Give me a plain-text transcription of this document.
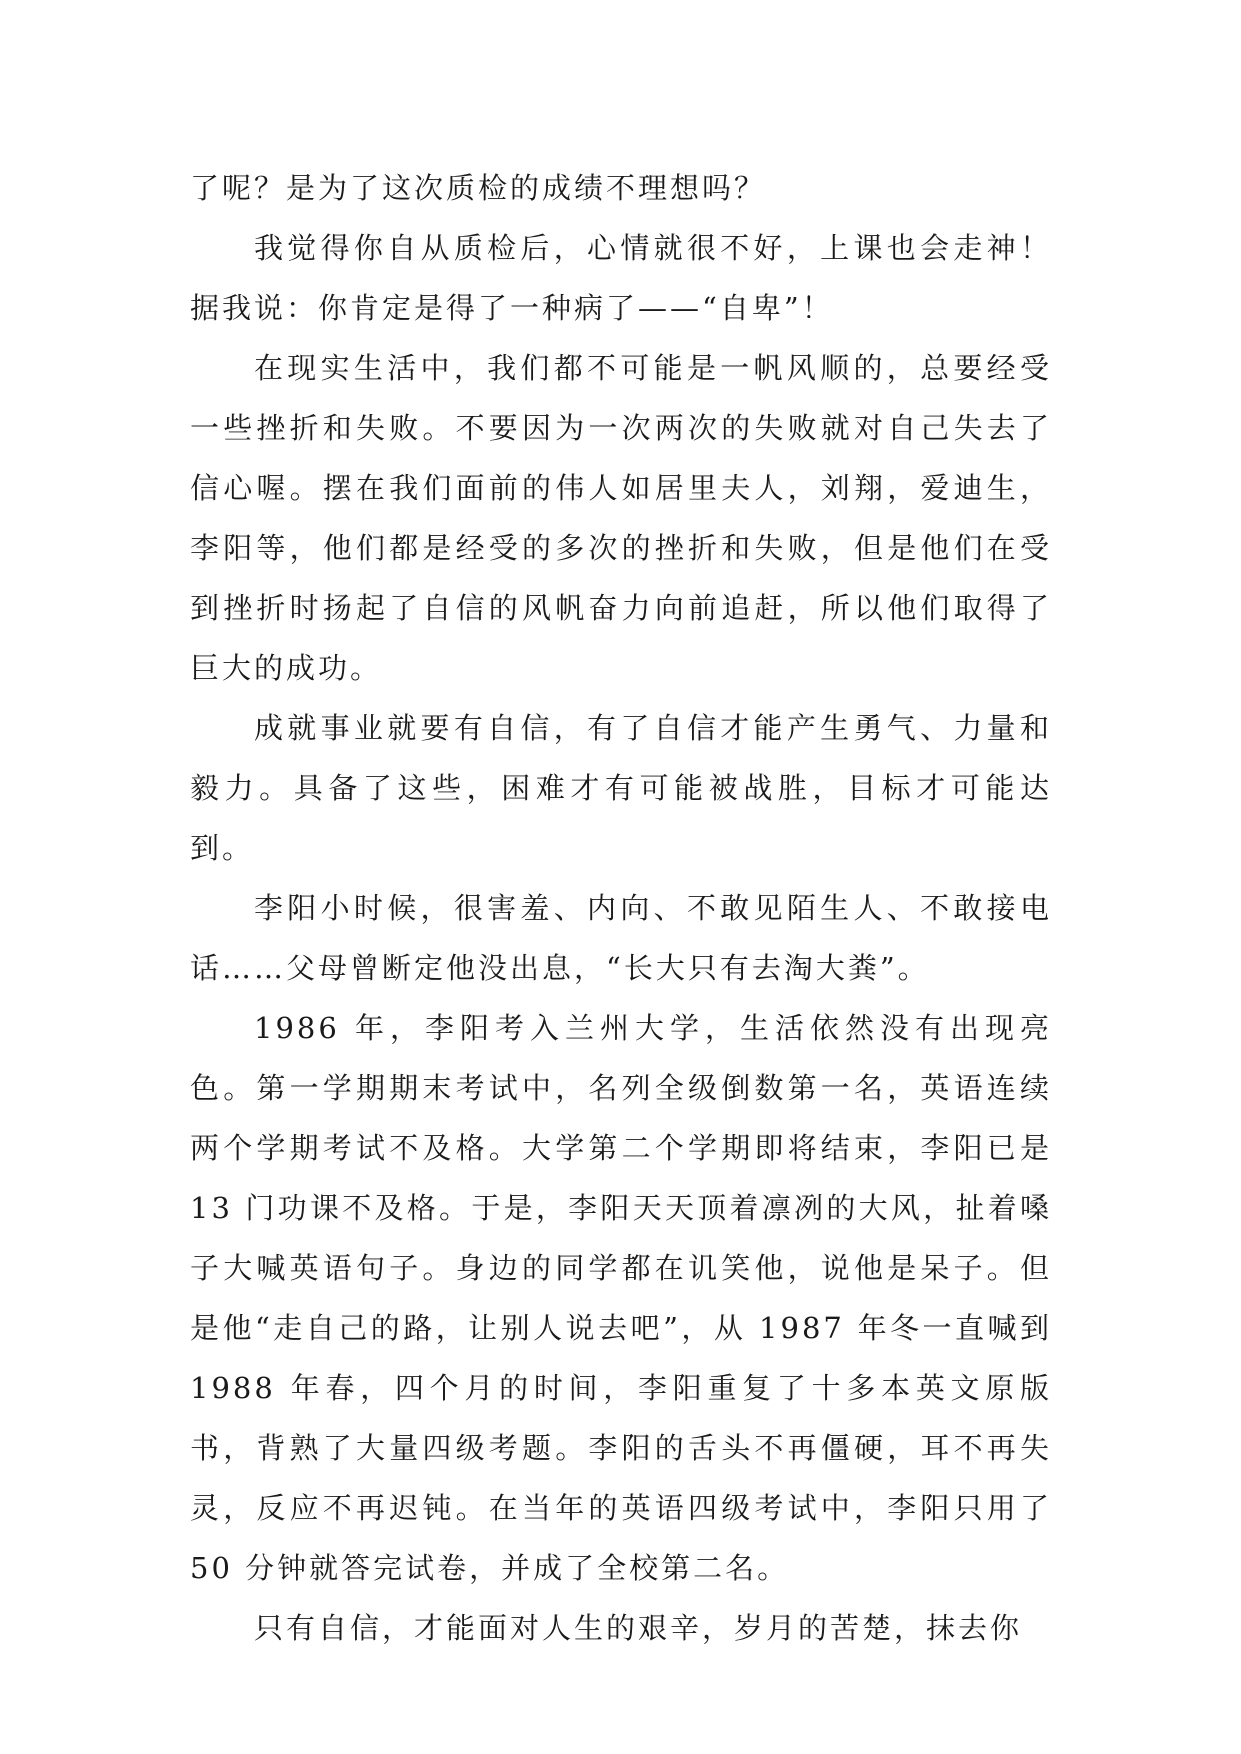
了呢？是为了这次质检的成绩不理想吗？

我觉得你自从质检后，心情就很不好，上课也会走神！据我说：你肯定是得了一种病了——“自卑”！

在现实生活中，我们都不可能是一帆风顺的，总要经受一些挫折和失败。不要因为一次两次的失败就对自己失去了信心喔。摆在我们面前的伟人如居里夫人，刘翔，爱迪生，李阳等，他们都是经受的多次的挫折和失败，但是他们在受到挫折时扬起了自信的风帆奋力向前追赶，所以他们取得了巨大的成功。

成就事业就要有自信，有了自信才能产生勇气、力量和毅力。具备了这些，困难才有可能被战胜，目标才可能达到。

李阳小时候，很害羞、内向、不敢见陌生人、不敢接电话……父母曾断定他没出息，“长大只有去淘大粪”。

1986 年，李阳考入兰州大学，生活依然没有出现亮色。第一学期期末考试中，名列全级倒数第一名，英语连续两个学期考试不及格。大学第二个学期即将结束，李阳已是 13 门功课不及格。于是，李阳天天顶着凛冽的大风，扯着嗓子大喊英语句子。身边的同学都在讥笑他，说他是呆子。但是他“走自己的路，让别人说去吧”，从 1987 年冬一直喊到 1988 年春，四个月的时间，李阳重复了十多本英文原版书，背熟了大量四级考题。李阳的舌头不再僵硬，耳不再失灵，反应不再迟钝。在当年的英语四级考试中，李阳只用了 50 分钟就答完试卷，并成了全校第二名。

只有自信，才能面对人生的艰辛，岁月的苦楚，抹去你
